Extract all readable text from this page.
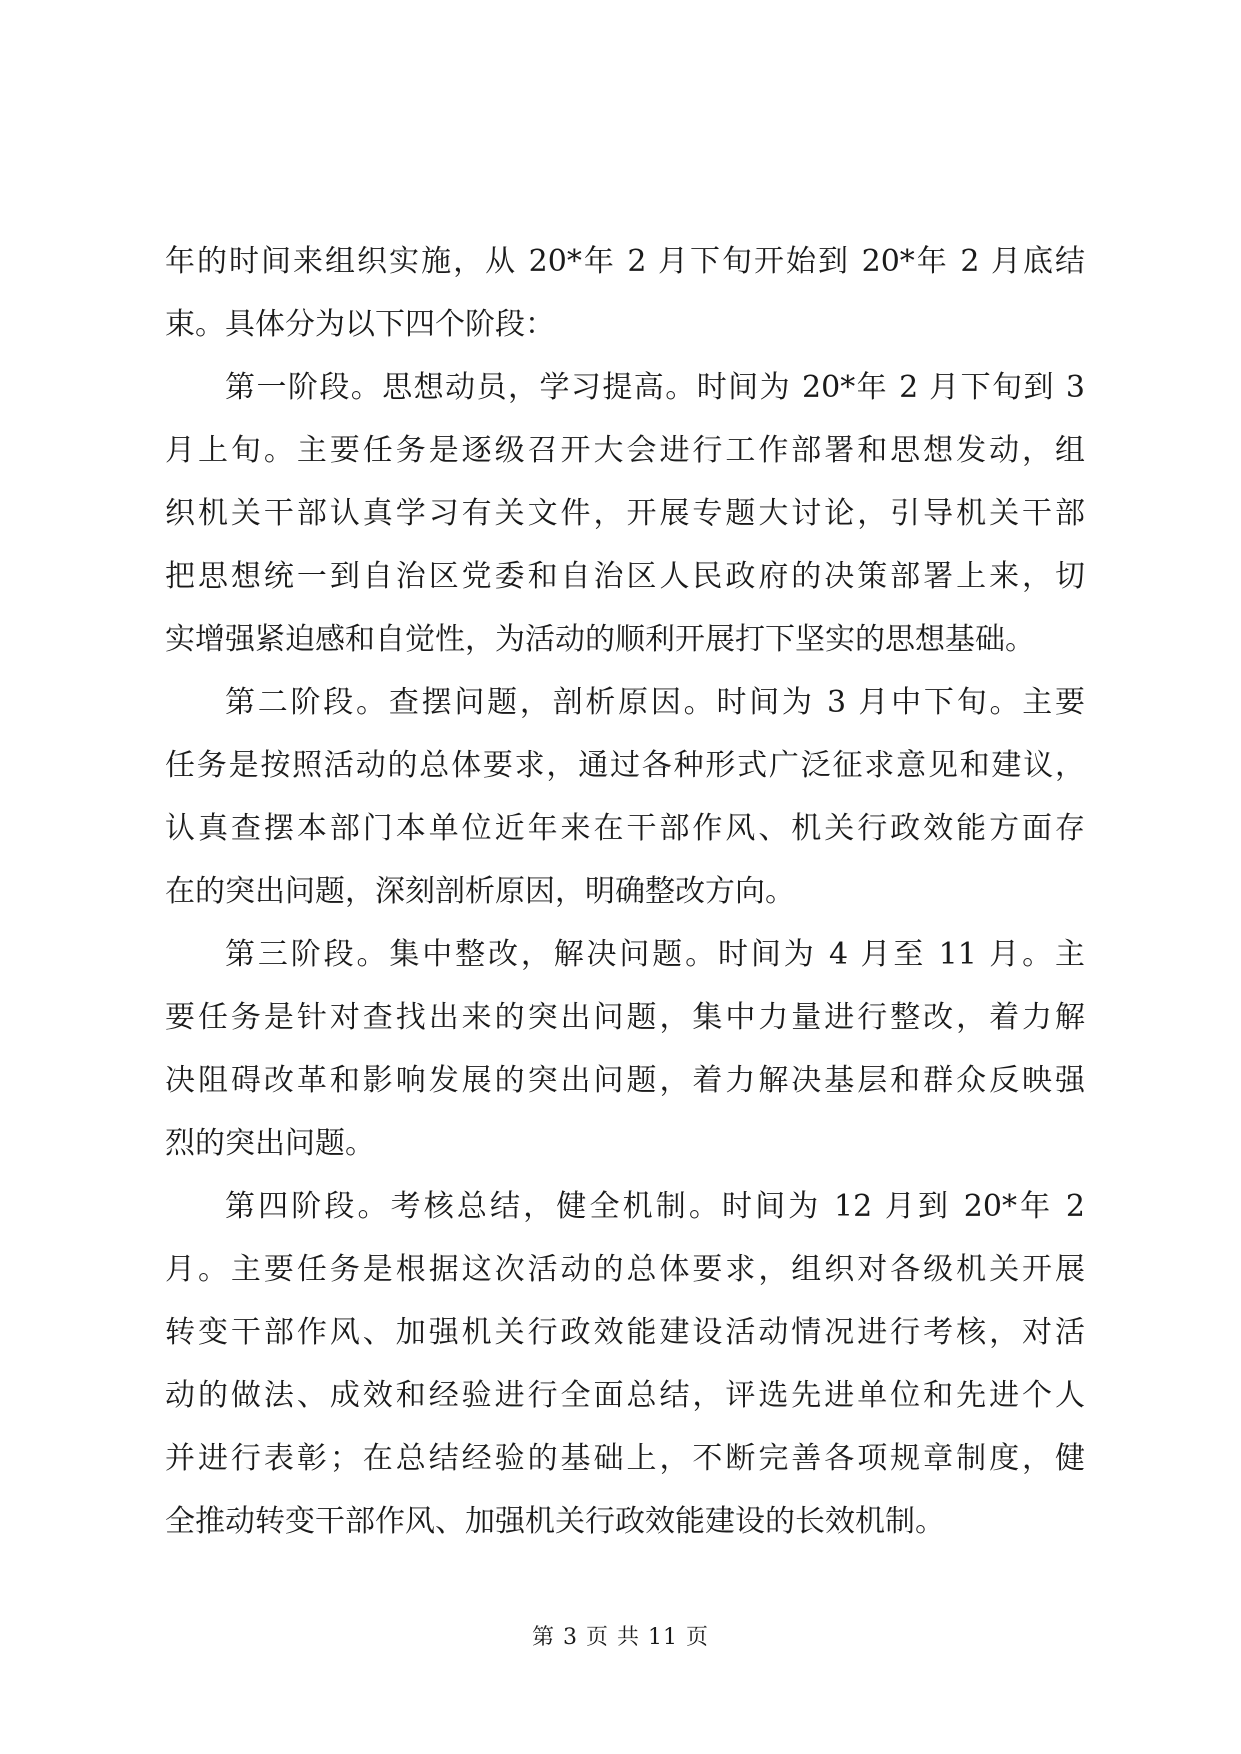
年的时间来组织实施，从 20*年 2 月下旬开始到 20*年 2 月底结
束。具体分为以下四个阶段：
第一阶段。思想动员，学习提高。时间为 20*年 2 月下旬到 3
月上旬。主要任务是逐级召开大会进行工作部署和思想发动，组
织机关干部认真学习有关文件，开展专题大讨论，引导机关干部
把思想统一到自治区党委和自治区人民政府的决策部署上来，切
实增强紧迫感和自觉性，为活动的顺利开展打下坚实的思想基础。
第二阶段。查摆问题，剖析原因。时间为 3 月中下旬。主要
任务是按照活动的总体要求，通过各种形式广泛征求意见和建议，
认真查摆本部门本单位近年来在干部作风、机关行政效能方面存
在的突出问题，深刻剖析原因，明确整改方向。
第三阶段。集中整改，解决问题。时间为 4 月至 11 月。主
要任务是针对查找出来的突出问题，集中力量进行整改，着力解
决阻碍改革和影响发展的突出问题，着力解决基层和群众反映强
烈的突出问题。
第四阶段。考核总结，健全机制。时间为 12 月到 20*年 2
月。主要任务是根据这次活动的总体要求，组织对各级机关开展
转变干部作风、加强机关行政效能建设活动情况进行考核，对活
动的做法、成效和经验进行全面总结，评选先进单位和先进个人
并进行表彰；在总结经验的基础上，不断完善各项规章制度，健
全推动转变干部作风、加强机关行政效能建设的长效机制。
第 3 页 共 11 页
